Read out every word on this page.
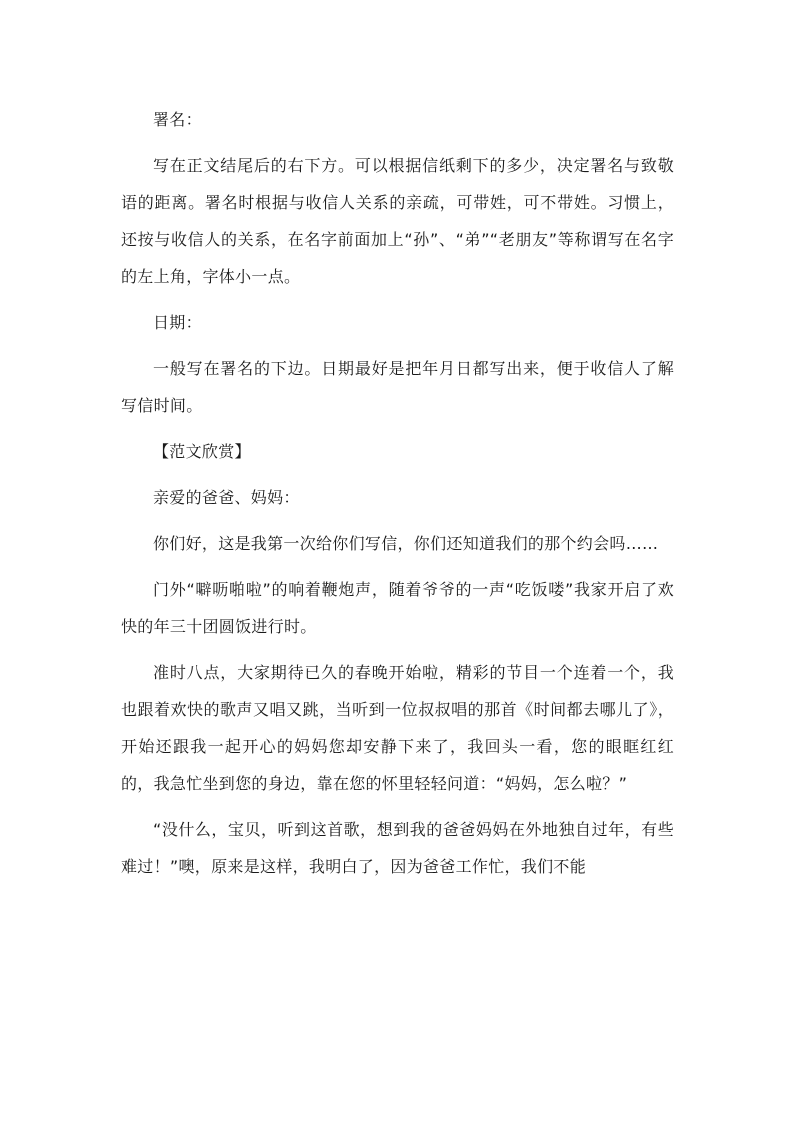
署名：

写在正文结尾后的右下方。可以根据信纸剩下的多少，决定署名与致敬语的距离。署名时根据与收信人关系的亲疏，可带姓，可不带姓。习惯上，还按与收信人的关系，在名字前面加上“孙”、“弟”“老朋友”等称谓写在名字的左上角，字体小一点。

日期：

一般写在署名的下边。日期最好是把年月日都写出来，便于收信人了解写信时间。

【范文欣赏】

亲爱的爸爸、妈妈：

你们好，这是我第一次给你们写信，你们还知道我们的那个约会吗……

门外“噼呖啪啦”的响着鞭炮声，随着爷爷的一声“吃饭喽”我家开启了欢快的年三十团圆饭进行时。

准时八点，大家期待已久的春晚开始啦，精彩的节目一个连着一个，我也跟着欢快的歌声又唱又跳，当听到一位叔叔唱的那首《时间都去哪儿了》，开始还跟我一起开心的妈妈您却安静下来了，我回头一看，您的眼眶红红的，我急忙坐到您的身边，靠在您的怀里轻轻问道：“妈妈，怎么啦？”

“没什么，宝贝，听到这首歌，想到我的爸爸妈妈在外地独自过年，有些难过！”噢，原来是这样，我明白了，因为爸爸工作忙，我们不能
